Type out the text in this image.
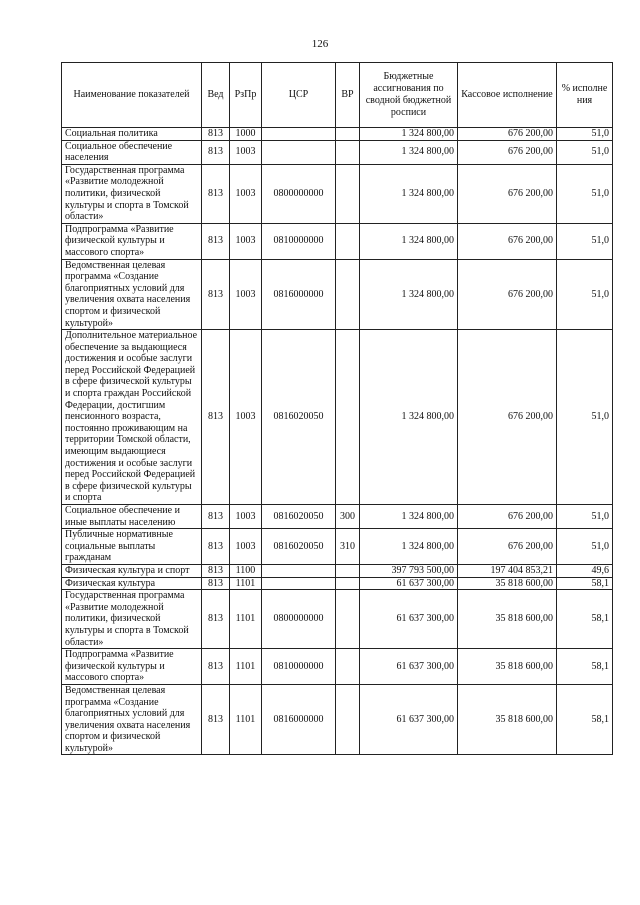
126
Наименование показателей	Вед	РзПр	ЦСР	ВР	Бюджетные ассигнования по сводной бюджетной росписи	Кассовое исполнение	% исполне ния
Социальная политика	813	1000			1 324 800,00	676 200,00	51,0
Социальное обеспечение населения	813	1003			1 324 800,00	676 200,00	51,0
Государственная программа «Развитие молодежной политики, физической культуры и спорта в Томской области»	813	1003	0800000000		1 324 800,00	676 200,00	51,0
Подпрограмма «Развитие физической культуры и массового спорта»	813	1003	0810000000		1 324 800,00	676 200,00	51,0
Ведомственная целевая программа «Создание благоприятных условий для увеличения охвата населения спортом и физической культурой»	813	1003	0816000000		1 324 800,00	676 200,00	51,0
Дополнительное материальное обеспечение за выдающиеся достижения и особые заслуги перед Российской Федерацией в сфере физической культуры и спорта граждан Российской Федерации, достигшим пенсионного возраста, постоянно проживающим на территории Томской области, имеющим выдающиеся достижения и особые заслуги перед Российской Федерацией в сфере физической культуры и спорта	813	1003	0816020050		1 324 800,00	676 200,00	51,0
Социальное обеспечение и иные выплаты населению	813	1003	0816020050	300	1 324 800,00	676 200,00	51,0
Публичные нормативные социальные выплаты гражданам	813	1003	0816020050	310	1 324 800,00	676 200,00	51,0
Физическая культура и спорт	813	1100			397 793 500,00	197 404 853,21	49,6
Физическая культура	813	1101			61 637 300,00	35 818 600,00	58,1
Государственная программа «Развитие молодежной политики, физической культуры и спорта в Томской области»	813	1101	0800000000		61 637 300,00	35 818 600,00	58,1
Подпрограмма «Развитие физической культуры и массового спорта»	813	1101	0810000000		61 637 300,00	35 818 600,00	58,1
Ведомственная целевая программа «Создание благоприятных условий для увеличения охвата населения спортом и физической культурой»	813	1101	0816000000		61 637 300,00	35 818 600,00	58,1
